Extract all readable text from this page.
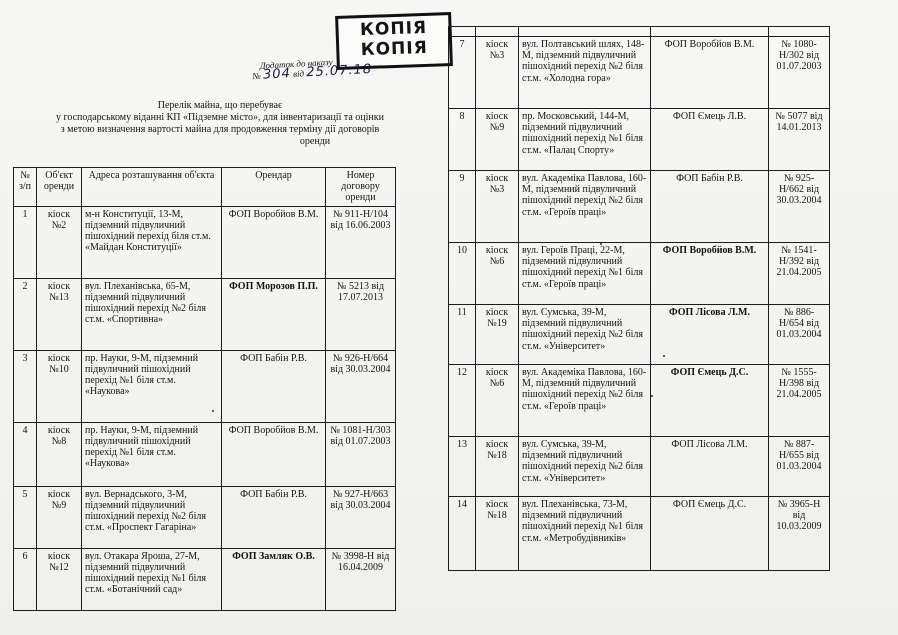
КОПІЯ
КОПІЯ
Додаток до наказу
№ 304 від 25.07.18
Перелік майна, що перебуває
у господарському віданні КП «Підземне місто», для інвентаризації та оцінки
з метою визначення вартості майна для продовження терміну дії договорів
оренди
№ з/п	Об'єкт оренди	Адреса розташування об'єкта	Орендар	Номер договору оренди
1	кіоск №2	м-н Конституції, 13-М, підземний підвуличний пішохідний перехід біля ст.м. «Майдан Конституції»	ФОП Воробйов В.М.	№ 911-Н/104 від 16.06.2003
2	кіоск №13	вул. Плеханівська, 65-М, підземний підвуличний пішохідний перехід №2 біля ст.м. «Спортивна»	ФОП Морозов П.П.	№ 5213 від 17.07.2013
3	кіоск №10	пр. Науки, 9-М, підземний підвуличний пішохідний перехід №1 біля ст.м. «Наукова»	ФОП Бабін Р.В.	№ 926-Н/664 від 30.03.2004
4	кіоск №8	пр. Науки, 9-М, підземний підвуличний пішохідний перехід №1 біля ст.м. «Наукова»	ФОП Воробйов В.М.	№ 1081-Н/303 від 01.07.2003
5	кіоск №9	вул. Вернадського, 3-М, підземний підвуличний пішохідний перехід №2 біля ст.м. «Проспект Гагаріна»	ФОП Бабін Р.В.	№ 927-Н/663 від 30.03.2004
6	кіоск №12	вул. Отакара Яроша, 27-М, підземний підвуличний пішохідний перехід №1 біля ст.м. «Ботанічний сад»	ФОП Замляк О.В.	№ 3998-Н від 16.04.2009

7	кіоск №3	вул. Полтавський шлях, 148-М, підземний підвуличний пішохідний перехід №2 біля ст.м. «Холодна гора»	ФОП Воробйов В.М.	№ 1080-Н/302 від 01.07.2003
8	кіоск №9	пр. Московський, 144-М, підземний підвуличний пішохідний перехід №1 біля ст.м. «Палац Спорту»	ФОП Ємець Л.В.	№ 5077 від 14.01.2013
9	кіоск №3	вул. Академіка Павлова, 160-М, підземний підвуличний пішохідний перехід №2 біля ст.м. «Героїв праці»	ФОП Бабін Р.В.	№ 925-Н/662 від 30.03.2004
10	кіоск №6	вул. Героїв Праці, 22-М, підземний підвуличний пішохідний перехід №1 біля ст.м. «Героїв праці»	ФОП Воробйов В.М.	№ 1541-Н/392 від 21.04.2005
11	кіоск №19	вул. Сумська, 39-М, підземний підвуличний пішохідний перехід №2 біля ст.м. «Університет»	ФОП Лісова Л.М.	№ 886-Н/654 від 01.03.2004
12	кіоск №6	вул. Академіка Павлова, 160-М, підземний підвуличний пішохідний перехід №2 біля ст.м. «Героїв праці»	ФОП Ємець Д.С.	№ 1555-Н/398 від 21.04.2005
13	кіоск №18	вул. Сумська, 39-М, підземний підвуличний пішохідний перехід №2 біля ст.м. «Університет»	ФОП Лісова Л.М.	№ 887-Н/655 від 01.03.2004
14	кіоск №18	вул. Плеханівська, 73-М, підземний підвуличний пішохідний перехід №1 біля ст.м. «Метробудівників»	ФОП Ємець Д.С.	№ 3965-Н від 10.03.2009
